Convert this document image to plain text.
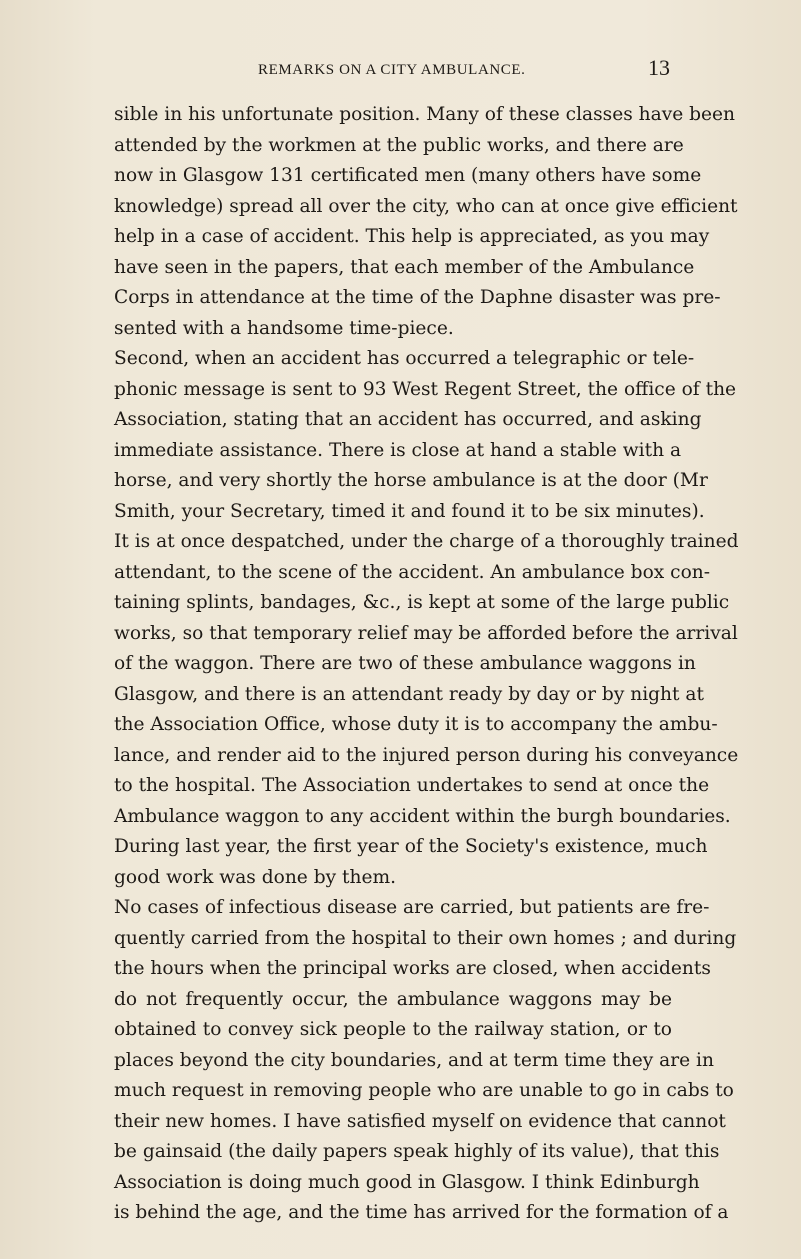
REMARKS ON A CITY AMBULANCE.	13
sible in his unfortunate position. Many of these classes have been
attended by the workmen at the public works, and there are
now in Glasgow 131 certificated men (many others have some
knowledge) spread all over the city, who can at once give efficient
help in a case of accident. This help is appreciated, as you may
have seen in the papers, that each member of the Ambulance
Corps in attendance at the time of the Daphne disaster was pre-
sented with a handsome time-piece.
Second, when an accident has occurred a telegraphic or tele-
phonic message is sent to 93 West Regent Street, the office of the
Association, stating that an accident has occurred, and asking
immediate assistance. There is close at hand a stable with a
horse, and very shortly the horse ambulance is at the door (Mr
Smith, your Secretary, timed it and found it to be six minutes).
It is at once despatched, under the charge of a thoroughly trained
attendant, to the scene of the accident. An ambulance box con-
taining splints, bandages, &c., is kept at some of the large public
works, so that temporary relief may be afforded before the arrival
of the waggon. There are two of these ambulance waggons in
Glasgow, and there is an attendant ready by day or by night at
the Association Office, whose duty it is to accompany the ambu-
lance, and render aid to the injured person during his conveyance
to the hospital. The Association undertakes to send at once the
Ambulance waggon to any accident within the burgh boundaries.
During last year, the first year of the Society's existence, much
good work was done by them.
No cases of infectious disease are carried, but patients are fre-
quently carried from the hospital to their own homes ; and during
the hours when the principal works are closed, when accidents
do not frequently occur, the ambulance waggons may be
obtained to convey sick people to the railway station, or to
places beyond the city boundaries, and at term time they are in
much request in removing people who are unable to go in cabs to
their new homes. I have satisfied myself on evidence that cannot
be gainsaid (the daily papers speak highly of its value), that this
Association is doing much good in Glasgow. I think Edinburgh
is behind the age, and the time has arrived for the formation of a
